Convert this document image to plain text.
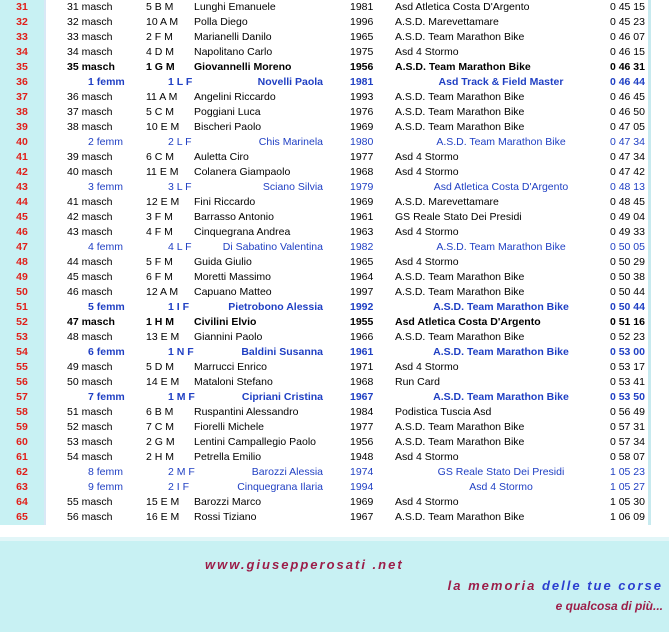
31	31 masch	5 B M Lunghi Emanuele	1981 Asd Atletica Costa D'Argento	0 45 15
32	32 masch	10 A M Polla Diego	1996 A.S.D. Marevettamare	0 45 23
33	33 masch	2 F M Marianelli Danilo	1965 A.S.D. Team Marathon Bike	0 46 07
34	34 masch	4 D M Napolitano Carlo	1975 Asd 4 Stormo	0 46 15
35	35 masch	1 G M Giovannelli Moreno	1956 A.S.D. Team Marathon Bike	0 46 31
36	1 femm	1 L F	Novelli Paola	1981	Asd Track & Field Master	0 46 44
37	36 masch	11 A M Angelini Riccardo	1993 A.S.D. Team Marathon Bike	0 46 45
38	37 masch	5 C M Poggiani Luca	1976 A.S.D. Team Marathon Bike	0 46 50
39	38 masch	10 E M Bischeri Paolo	1969 A.S.D. Team Marathon Bike	0 47 05
40	2 femm	2 L F	Chis Marinela	1980	A.S.D. Team Marathon Bike	0 47 34
41	39 masch	6 C M Auletta Ciro	1977 Asd 4 Stormo	0 47 34
42	40 masch	11 E M Colanera Giampaolo	1968 Asd 4 Stormo	0 47 42
43	3 femm	3 L F	Sciano Silvia	1979	Asd Atletica Costa D'Argento	0 48 13
44	41 masch	12 E M Fini Riccardo	1969 A.S.D. Marevettamare	0 48 45
45	42 masch	3 F M Barrasso Antonio	1961 GS Reale Stato Dei Presidi	0 49 04
46	43 masch	4 F M Cinquegrana Andrea	1963 Asd 4 Stormo	0 49 33
47	4 femm	4 L F	Di Sabatino Valentina	1982	A.S.D. Team Marathon Bike	0 50 05
48	44 masch	5 F M Guida Giulio	1965 Asd 4 Stormo	0 50 29
49	45 masch	6 F M Moretti Massimo	1964 A.S.D. Team Marathon Bike	0 50 38
50	46 masch	12 A M Capuano Matteo	1997 A.S.D. Team Marathon Bike	0 50 44
51	5 femm	1 I F	Pietrobono Alessia	1992	A.S.D. Team Marathon Bike	0 50 44
52	47 masch	1 H M Civilini Elvio	1955 Asd Atletica Costa D'Argento	0 51 16
53	48 masch	13 E M Giannini Paolo	1966 A.S.D. Team Marathon Bike	0 52 23
54	6 femm	1 N F	Baldini Susanna	1961	A.S.D. Team Marathon Bike	0 53 00
55	49 masch	5 D M Marrucci Enrico	1971 Asd 4 Stormo	0 53 17
56	50 masch	14 E M Mataloni Stefano	1968 Run Card	0 53 41
57	7 femm	1 M F	Cipriani Cristina	1967	A.S.D. Team Marathon Bike	0 53 50
58	51 masch	6 B M Ruspantini Alessandro	1984 Podistica Tuscia Asd	0 56 49
59	52 masch	7 C M Fiorelli Michele	1977 A.S.D. Team Marathon Bike	0 57 31
60	53 masch	2 G M Lentini Campallegio Paolo	1956 A.S.D. Team Marathon Bike	0 57 34
61	54 masch	2 H M Petrella Emilio	1948 Asd 4 Stormo	0 58 07
62	8 femm	2 M F	Barozzi Alessia	1974	GS Reale Stato Dei Presidi	1 05 23
63	9 femm	2 I F	Cinquegrana Ilaria	1994	Asd 4 Stormo	1 05 27
64	55 masch	15 E M Barozzi Marco	1969 Asd 4 Stormo	1 05 30
65	56 masch	16 E M Rossi Tiziano	1967 A.S.D. Team Marathon Bike	1 06 09
www.giusepperosati .net
la memoria delle tue corse
e qualcosa di più...
